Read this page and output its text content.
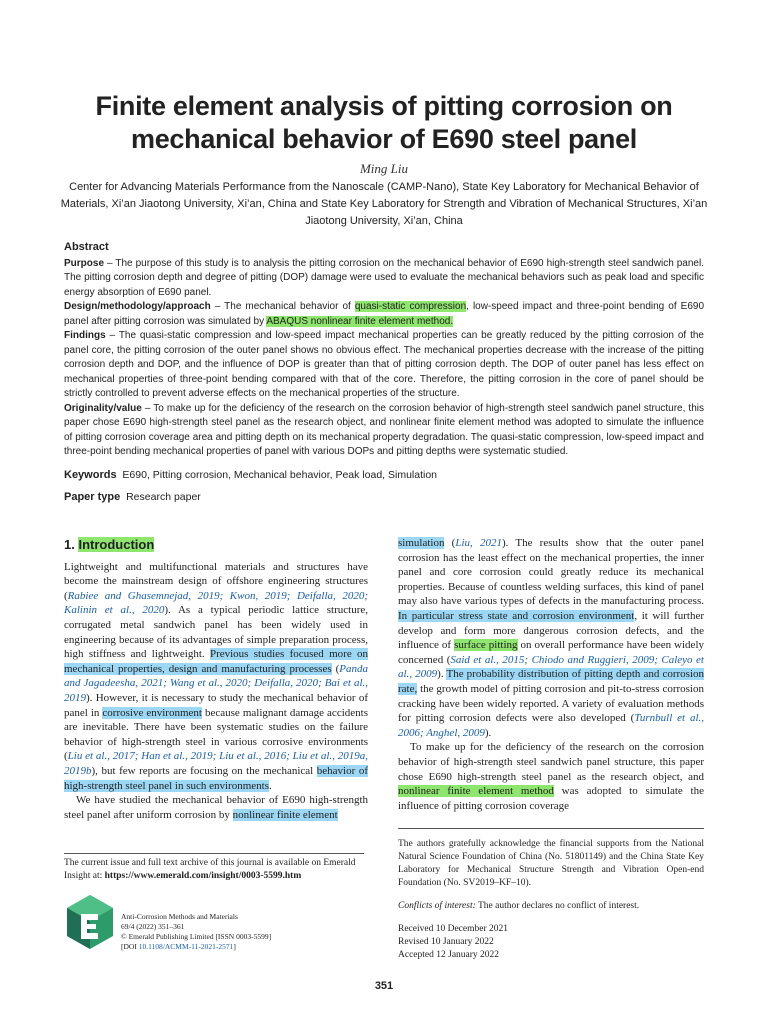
Finite element analysis of pitting corrosion on mechanical behavior of E690 steel panel
Ming Liu
Center for Advancing Materials Performance from the Nanoscale (CAMP-Nano), State Key Laboratory for Mechanical Behavior of Materials, Xi’an Jiaotong University, Xi’an, China and State Key Laboratory for Strength and Vibration of Mechanical Structures, Xi’an Jiaotong University, Xi’an, China
Abstract

Purpose – The purpose of this study is to analysis the pitting corrosion on the mechanical behavior of E690 high-strength steel sandwich panel. The pitting corrosion depth and degree of pitting (DOP) damage were used to evaluate the mechanical behaviors such as peak load and specific energy absorption of E690 panel.

Design/methodology/approach – The mechanical behavior of quasi-static compression, low-speed impact and three-point bending of E690 panel after pitting corrosion was simulated by ABAQUS nonlinear finite element method.

Findings – The quasi-static compression and low-speed impact mechanical properties can be greatly reduced by the pitting corrosion of the panel core, the pitting corrosion of the outer panel shows no obvious effect. The mechanical properties decrease with the increase of the pitting corrosion depth and DOP, and the influence of DOP is greater than that of pitting corrosion depth. The DOP of outer panel has less effect on mechanical properties of three-point bending compared with that of the core. Therefore, the pitting corrosion in the core of panel should be strictly controlled to prevent adverse effects on the mechanical properties of the structure.

Originality/value – To make up for the deficiency of the research on the corrosion behavior of high-strength steel sandwich panel structure, this paper chose E690 high-strength steel panel as the research object, and nonlinear finite element method was adopted to simulate the influence of pitting corrosion coverage area and pitting depth on its mechanical property degradation. The quasi-static compression, low-speed impact and three-point bending mechanical properties of panel with various DOPs and pitting depths were systematic studied.

Keywords E690, Pitting corrosion, Mechanical behavior, Peak load, Simulation
Paper type Research paper
1. Introduction

Lightweight and multifunctional materials and structures have become the mainstream design of offshore engineering structures (Rabiee and Ghasemnejad, 2019; Kwon, 2019; Deifalla, 2020; Kalinin et al., 2020). As a typical periodic lattice structure, corrugated metal sandwich panel has been widely used in engineering because of its advantages of simple preparation process, high stiffness and lightweight. Previous studies focused more on mechanical properties, design and manufacturing processes (Panda and Jagadeesha, 2021; Wang et al., 2020; Deifalla, 2020; Bai et al., 2019). However, it is necessary to study the mechanical behavior of panel in corrosive environment because malignant damage accidents are inevitable. There have been systematic studies on the failure behavior of high-strength steel in various corrosive environments (Liu et al., 2017; Han et al., 2019; Liu et al., 2016; Liu et al., 2019a, 2019b), but few reports are focusing on the mechanical behavior of high-strength steel panel in such environments.

We have studied the mechanical behavior of E690 high-strength steel panel after uniform corrosion by nonlinear finite element

simulation (Liu, 2021). The results show that the outer panel corrosion has the least effect on the mechanical properties, the inner panel and core corrosion could greatly reduce its mechanical properties. Because of countless welding surfaces, this kind of panel may also have various types of defects in the manufacturing process. In particular stress state and corrosion environment, it will further develop and form more dangerous corrosion defects, and the influence of surface pitting on overall performance have been widely concerned (Said et al., 2015; Chiodo and Ruggieri, 2009; Caleyo et al., 2009). The probability distribution of pitting depth and corrosion rate, the growth model of pitting corrosion and pit-to-stress corrosion cracking have been widely reported. A variety of evaluation methods for pitting corrosion defects were also developed (Turnbull et al., 2006; Anghel, 2009).

To make up for the deficiency of the research on the corrosion behavior of high-strength steel sandwich panel structure, this paper chose E690 high-strength steel panel as the research object, and nonlinear finite element method was adopted to simulate the influence of pitting corrosion coverage

The current issue and full text archive of this journal is available on Emerald Insight at: https://www.emerald.com/insight/0003-5599.htm
Anti-Corrosion Methods and Materials
69/4 (2022) 351–361
© Emerald Publishing Limited [ISSN 0003-5599]
[DOI 10.1108/ACMM-11-2021-2571]
The authors gratefully acknowledge the financial supports from the National Natural Science Foundation of China (No. 51801149) and the China State Key Laboratory for Mechanical Structure Strength and Vibration Open-end Foundation (No. SV2019–KF–10).
Conflicts of interest: The author declares no conflict of interest.
Received 10 December 2021
Revised 10 January 2022
Accepted 12 January 2022
351
